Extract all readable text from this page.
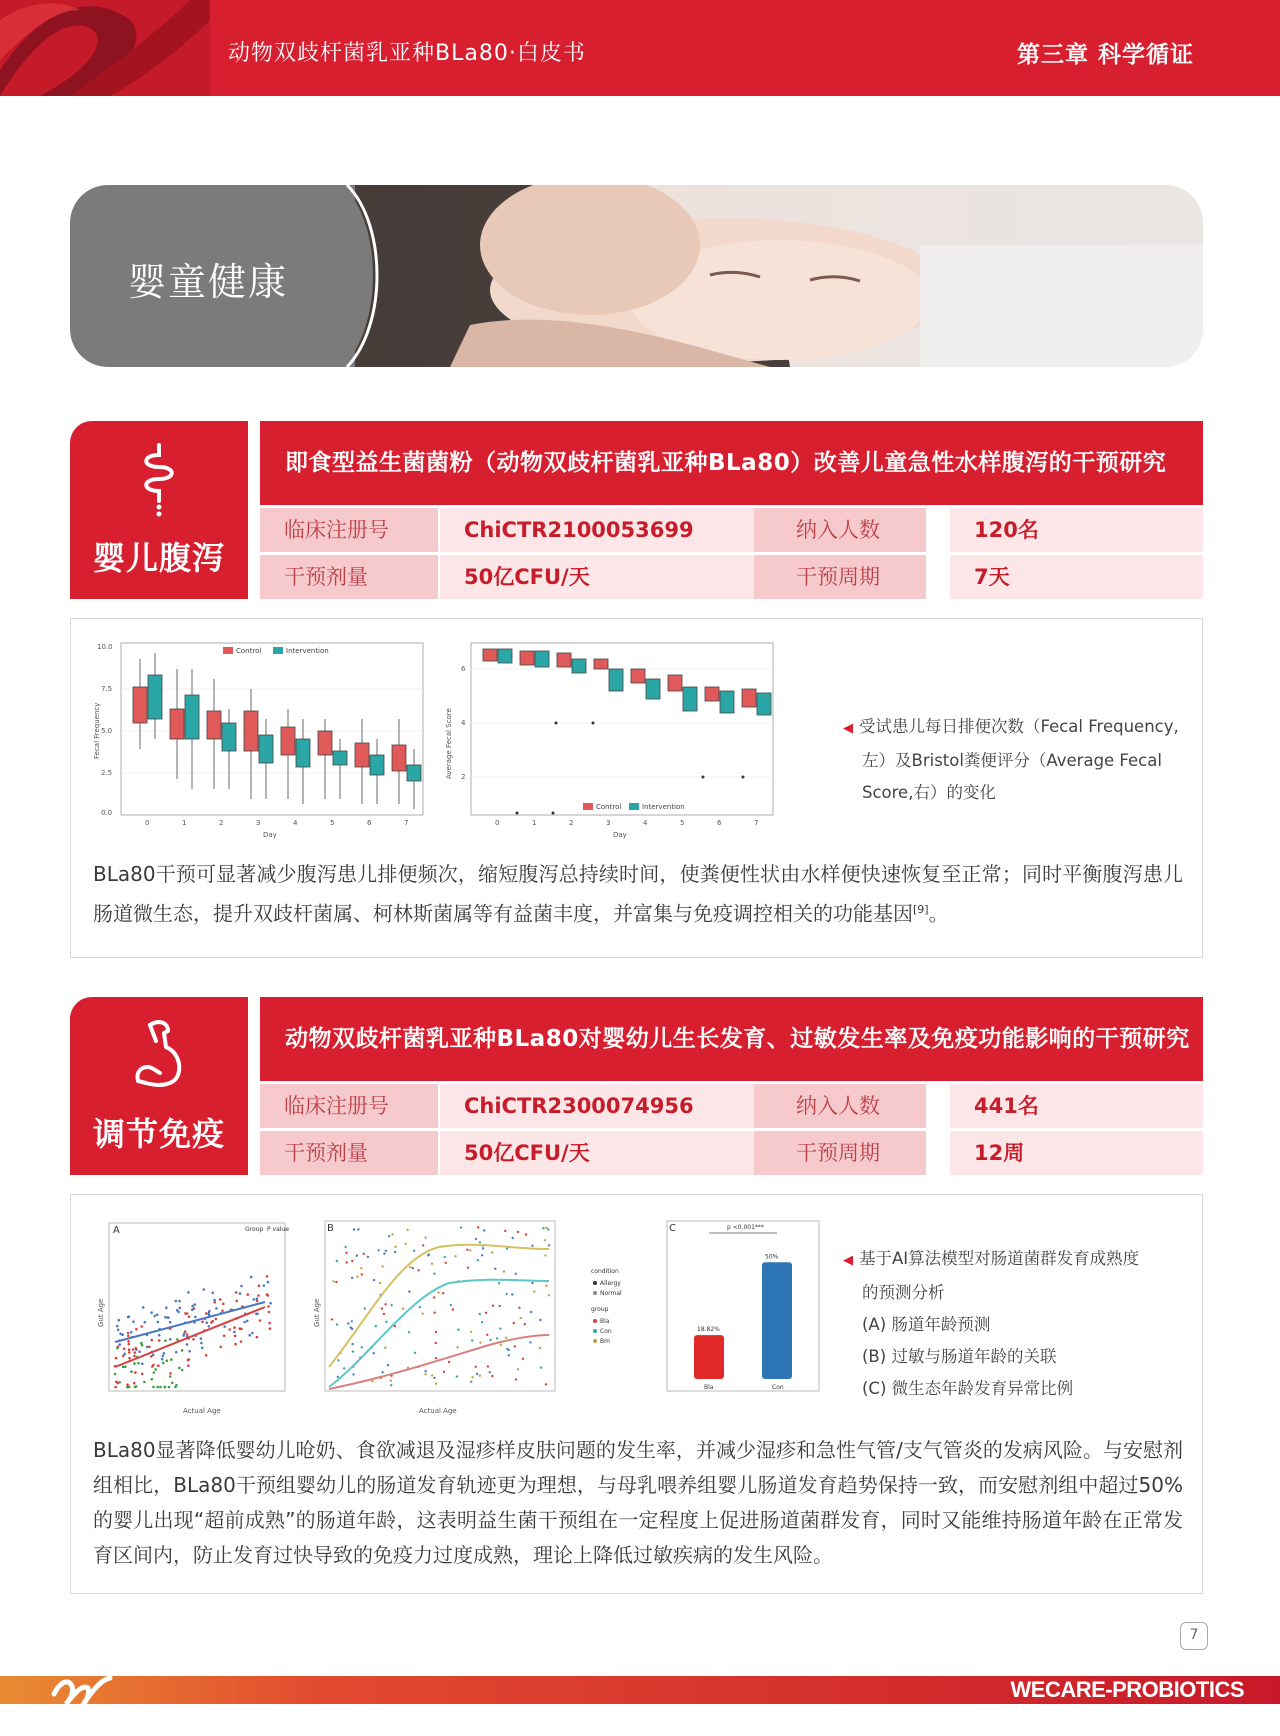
动物双歧杆菌乳亚种BLa80·白皮书	第三章 科学循证
婴童健康
婴儿腹泻
即食型益生菌菌粉（动物双歧杆菌乳亚种BLa80）改善儿童急性水样腹泻的干预研究
临床注册号	ChiCTR2100053699	纳入人数	120名
干预剂量	50亿CFU/天	干预周期	7天
10.0
7.5
5.0
2.5
0.0
Day
Fecal Frequency
Control	Intervention
0	1	2	3	4	5	6	7
6
4
2
Day
Average Fecal Score
Control	Intervention
0	1	2	3	4	5	6	7
◀ 受试患儿每日排便次数（Fecal Frequency,
左）及Bristol粪便评分（Average Fecal
Score,右）的变化
BLa80干预可显著减少腹泻患儿排便频次，缩短腹泻总持续时间，使粪便性状由水样便快速恢复至正常；同时平衡腹泻患儿肠道微生态，提升双歧杆菌属、柯林斯菌属等有益菌丰度，并富集与免疫调控相关的功能基因[9]。
调节免疫
动物双歧杆菌乳亚种BLa80对婴幼儿生长发育、过敏发生率及免疫功能影响的干预研究
临床注册号	ChiCTR2300074956	纳入人数	441名
干预剂量	50亿CFU/天	干预周期	12周
A
Actual Age
Gut Age
Group P value	B
Actual Age
Gut Age
condition
Allergy
Normal
group
Bla
Con
Bm
C	p <0.001***
18.82%
Bla
50%
Con
◀ 基于AI算法模型对肠道菌群发育成熟度
的预测分析
(A) 肠道年龄预测
(B) 过敏与肠道年龄的关联
(C) 微生态年龄发育异常比例
BLa80显著降低婴幼儿呛奶、食欲减退及湿疹样皮肤问题的发生率，并减少湿疹和急性气管/支气管炎的发病风险。与安慰剂组相比，BLa80干预组婴幼儿的肠道发育轨迹更为理想，与母乳喂养组婴儿肠道发育趋势保持一致，而安慰剂组中超过50%的婴儿出现“超前成熟”的肠道年龄，这表明益生菌干预组在一定程度上促进肠道菌群发育，同时又能维持肠道年龄在正常发育区间内，防止发育过快导致的免疫力过度成熟，理论上降低过敏疾病的发生风险。
7
WECARE-PROBIOTICS
